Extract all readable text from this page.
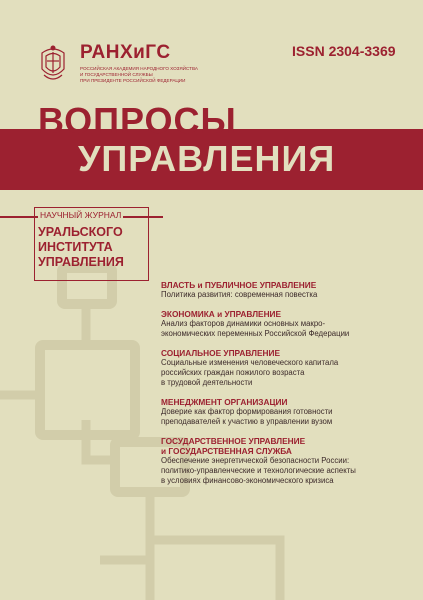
РАНХиГС
РОССИЙСКАЯ АКАДЕМИЯ НАРОДНОГО ХОЗЯЙСТВА
И ГОСУДАРСТВЕННОЙ СЛУЖБЫ
ПРИ ПРЕЗИДЕНТЕ РОССИЙСКОЙ ФЕДЕРАЦИИ
ISSN 2304-3369
ВОПРОСЫ
УПРАВЛЕНИЯ
НАУЧНЫЙ ЖУРНАЛ
УРАЛЬСКОГО
ИНСТИТУТА
УПРАВЛЕНИЯ
ВЛАСТЬ и ПУБЛИЧНОЕ УПРАВЛЕНИЕ
Политика развития: современная повестка
ЭКОНОМИКА и УПРАВЛЕНИЕ
Анализ факторов динамики основных макро-
экономических переменных Российской Федерации
СОЦИАЛЬНОЕ УПРАВЛЕНИЕ
Социальные изменения человеческого капитала
российских граждан пожилого возраста
в трудовой деятельности
МЕНЕДЖМЕНТ ОРГАНИЗАЦИИ
Доверие как фактор формирования готовности
преподавателей к участию в управлении вузом
ГОСУДАРСТВЕННОЕ УПРАВЛЕНИЕ
и ГОСУДАРСТВЕННАЯ СЛУЖБА
Обеспечение энергетической безопасности России:
политико-управленческие и технологические аспекты
в условиях финансово-экономического кризиса
